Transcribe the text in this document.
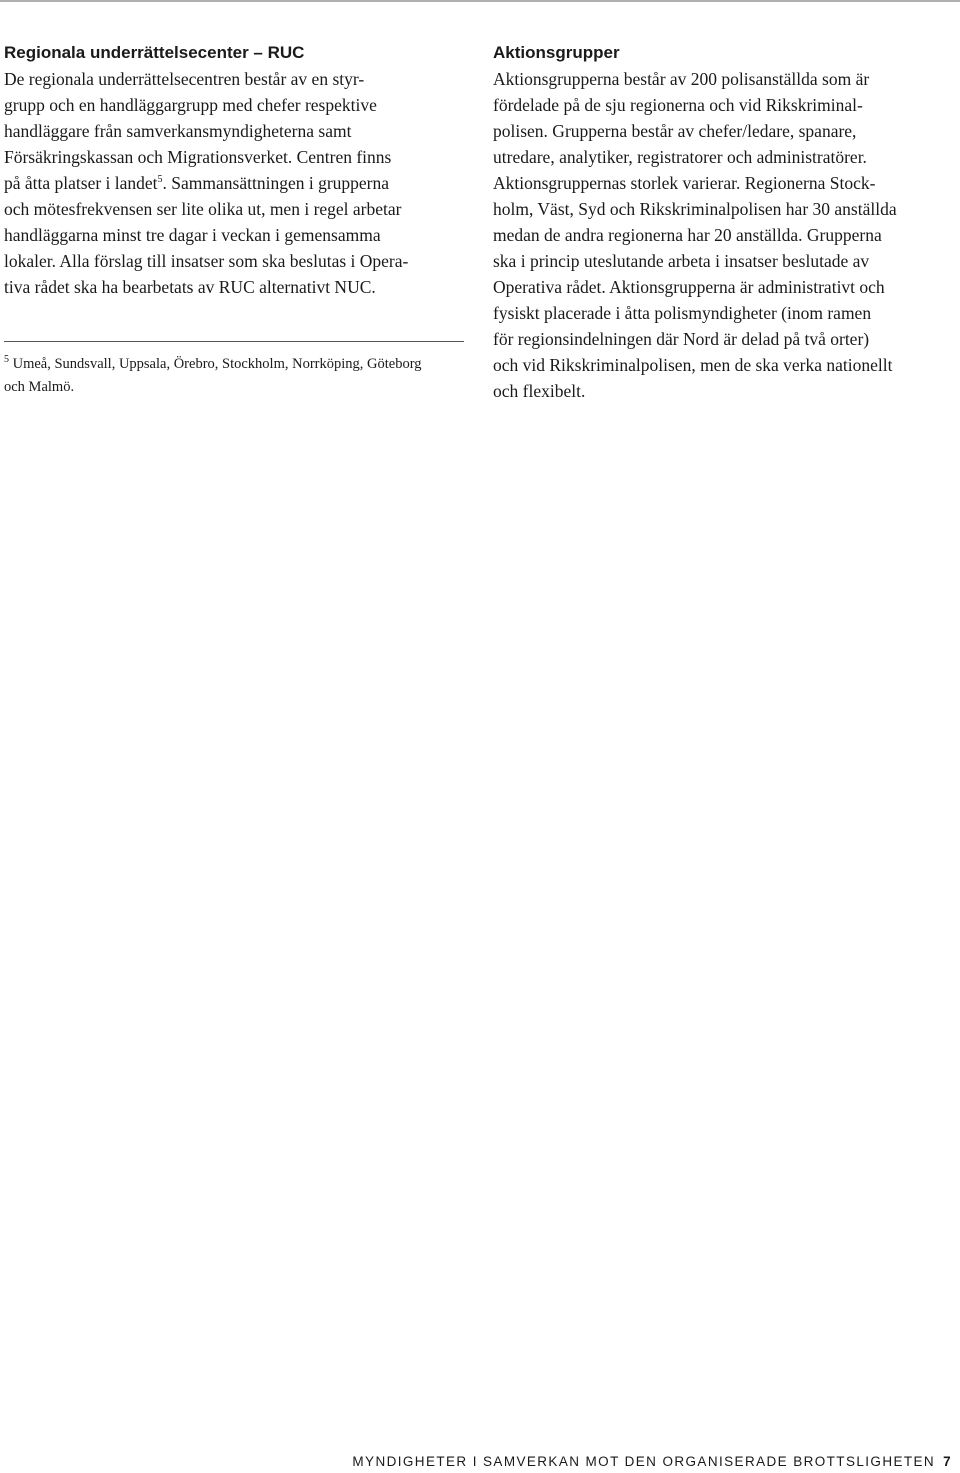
Regionala underrättelsecenter – RUC
De regionala underrättelsecentren består av en styr-
grupp och en handläggargrupp med chefer respektive
handläggare från samverkansmyndigheterna samt
Försäkringskassan och Migrationsverket. Centren finns
på åtta platser i landet$^5$. Sammansättningen i grupperna
och mötesfrekvensen ser lite olika ut, men i regel arbetar
handläggarna minst tre dagar i veckan i gemensamma
lokaler. Alla förslag till insatser som ska beslutas i Opera-
tiva rådet ska ha bearbetats av RUC alternativt NUC.
$^5$ Umeå, Sundsvall, Uppsala, Örebro, Stockholm, Norrköping, Göteborg
och Malmö.
Aktionsgrupper
Aktionsgrupperna består av 200 polisanställda som är
fördelade på de sju regionerna och vid Rikskriminal-
polisen. Grupperna består av chefer/ledare, spanare,
utredare, analytiker, registratorer och administratörer.
Aktionsgruppernas storlek varierar. Regionerna Stock-
holm, Väst, Syd och Rikskriminalpolisen har 30 anställda
medan de andra regionerna har 20 anställda. Grupperna
ska i princip uteslutande arbeta i insatser beslutade av
Operativa rådet. Aktionsgrupperna är administrativt och
fysiskt placerade i åtta polismyndigheter (inom ramen
för regionsindelningen där Nord är delad på två orter)
och vid Rikskriminalpolisen, men de ska verka nationellt
och flexibelt.
MYNDIGHETER I SAMVERKAN MOT DEN ORGANISERADE BROTTSLIGHETEN 7
